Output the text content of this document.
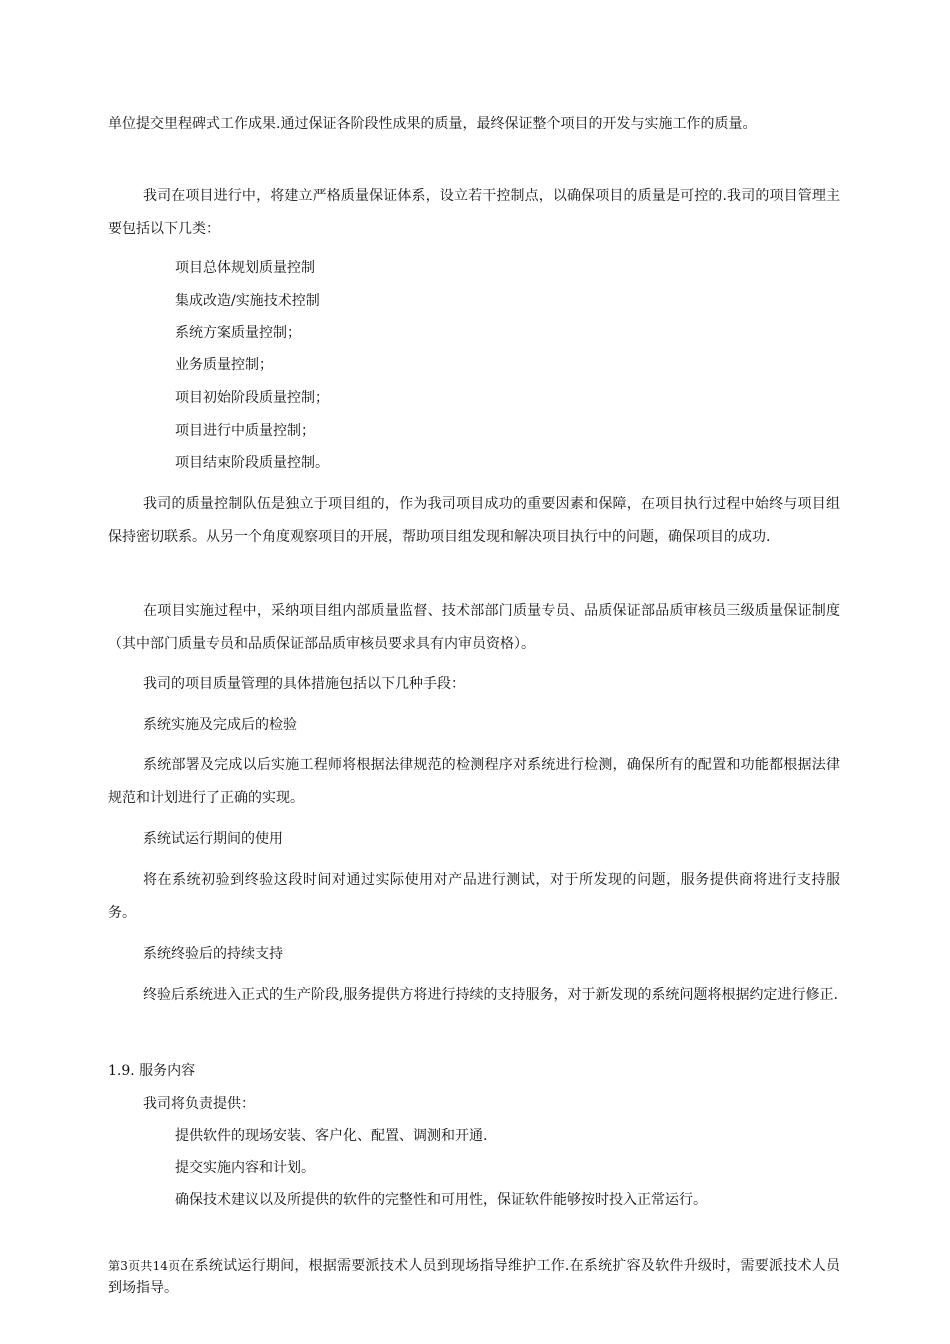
单位提交里程碑式工作成果.通过保证各阶段性成果的质量，最终保证整个项目的开发与实施工作的质量。

我司在项目进行中，将建立严格质量保证体系，设立若干控制点，以确保项目的质量是可控的.我司的项目管理主要包括以下几类：

项目总体规划质量控制

集成改造/实施技术控制

系统方案质量控制；

业务质量控制；

项目初始阶段质量控制；

项目进行中质量控制；

项目结束阶段质量控制。

我司的质量控制队伍是独立于项目组的，作为我司项目成功的重要因素和保障，在项目执行过程中始终与项目组保持密切联系。从另一个角度观察项目的开展，帮助项目组发现和解决项目执行中的问题，确保项目的成功.

在项目实施过程中，采纳项目组内部质量监督、技术部部门质量专员、品质保证部品质审核员三级质量保证制度（其中部门质量专员和品质保证部品质审核员要求具有内审员资格）。

我司的项目质量管理的具体措施包括以下几种手段：

系统实施及完成后的检验

系统部署及完成以后实施工程师将根据法律规范的检测程序对系统进行检测，确保所有的配置和功能都根据法律规范和计划进行了正确的实现。

系统试运行期间的使用

将在系统初验到终验这段时间对通过实际使用对产品进行测试，对于所发现的问题，服务提供商将进行支持服务。

系统终验后的持续支持

终验后系统进入正式的生产阶段,服务提供方将进行持续的支持服务，对于新发现的系统问题将根据约定进行修正.

1.9. 服务内容

我司将负责提供：

提供软件的现场安装、客户化、配置、调测和开通.

提交实施内容和计划。

确保技术建议以及所提供的软件的完整性和可用性，保证软件能够按时投入正常运行。

第3页共14页在系统试运行期间，根据需要派技术人员到现场指导维护工作.在系统扩容及软件升级时，需要派技术人员到场指导。
